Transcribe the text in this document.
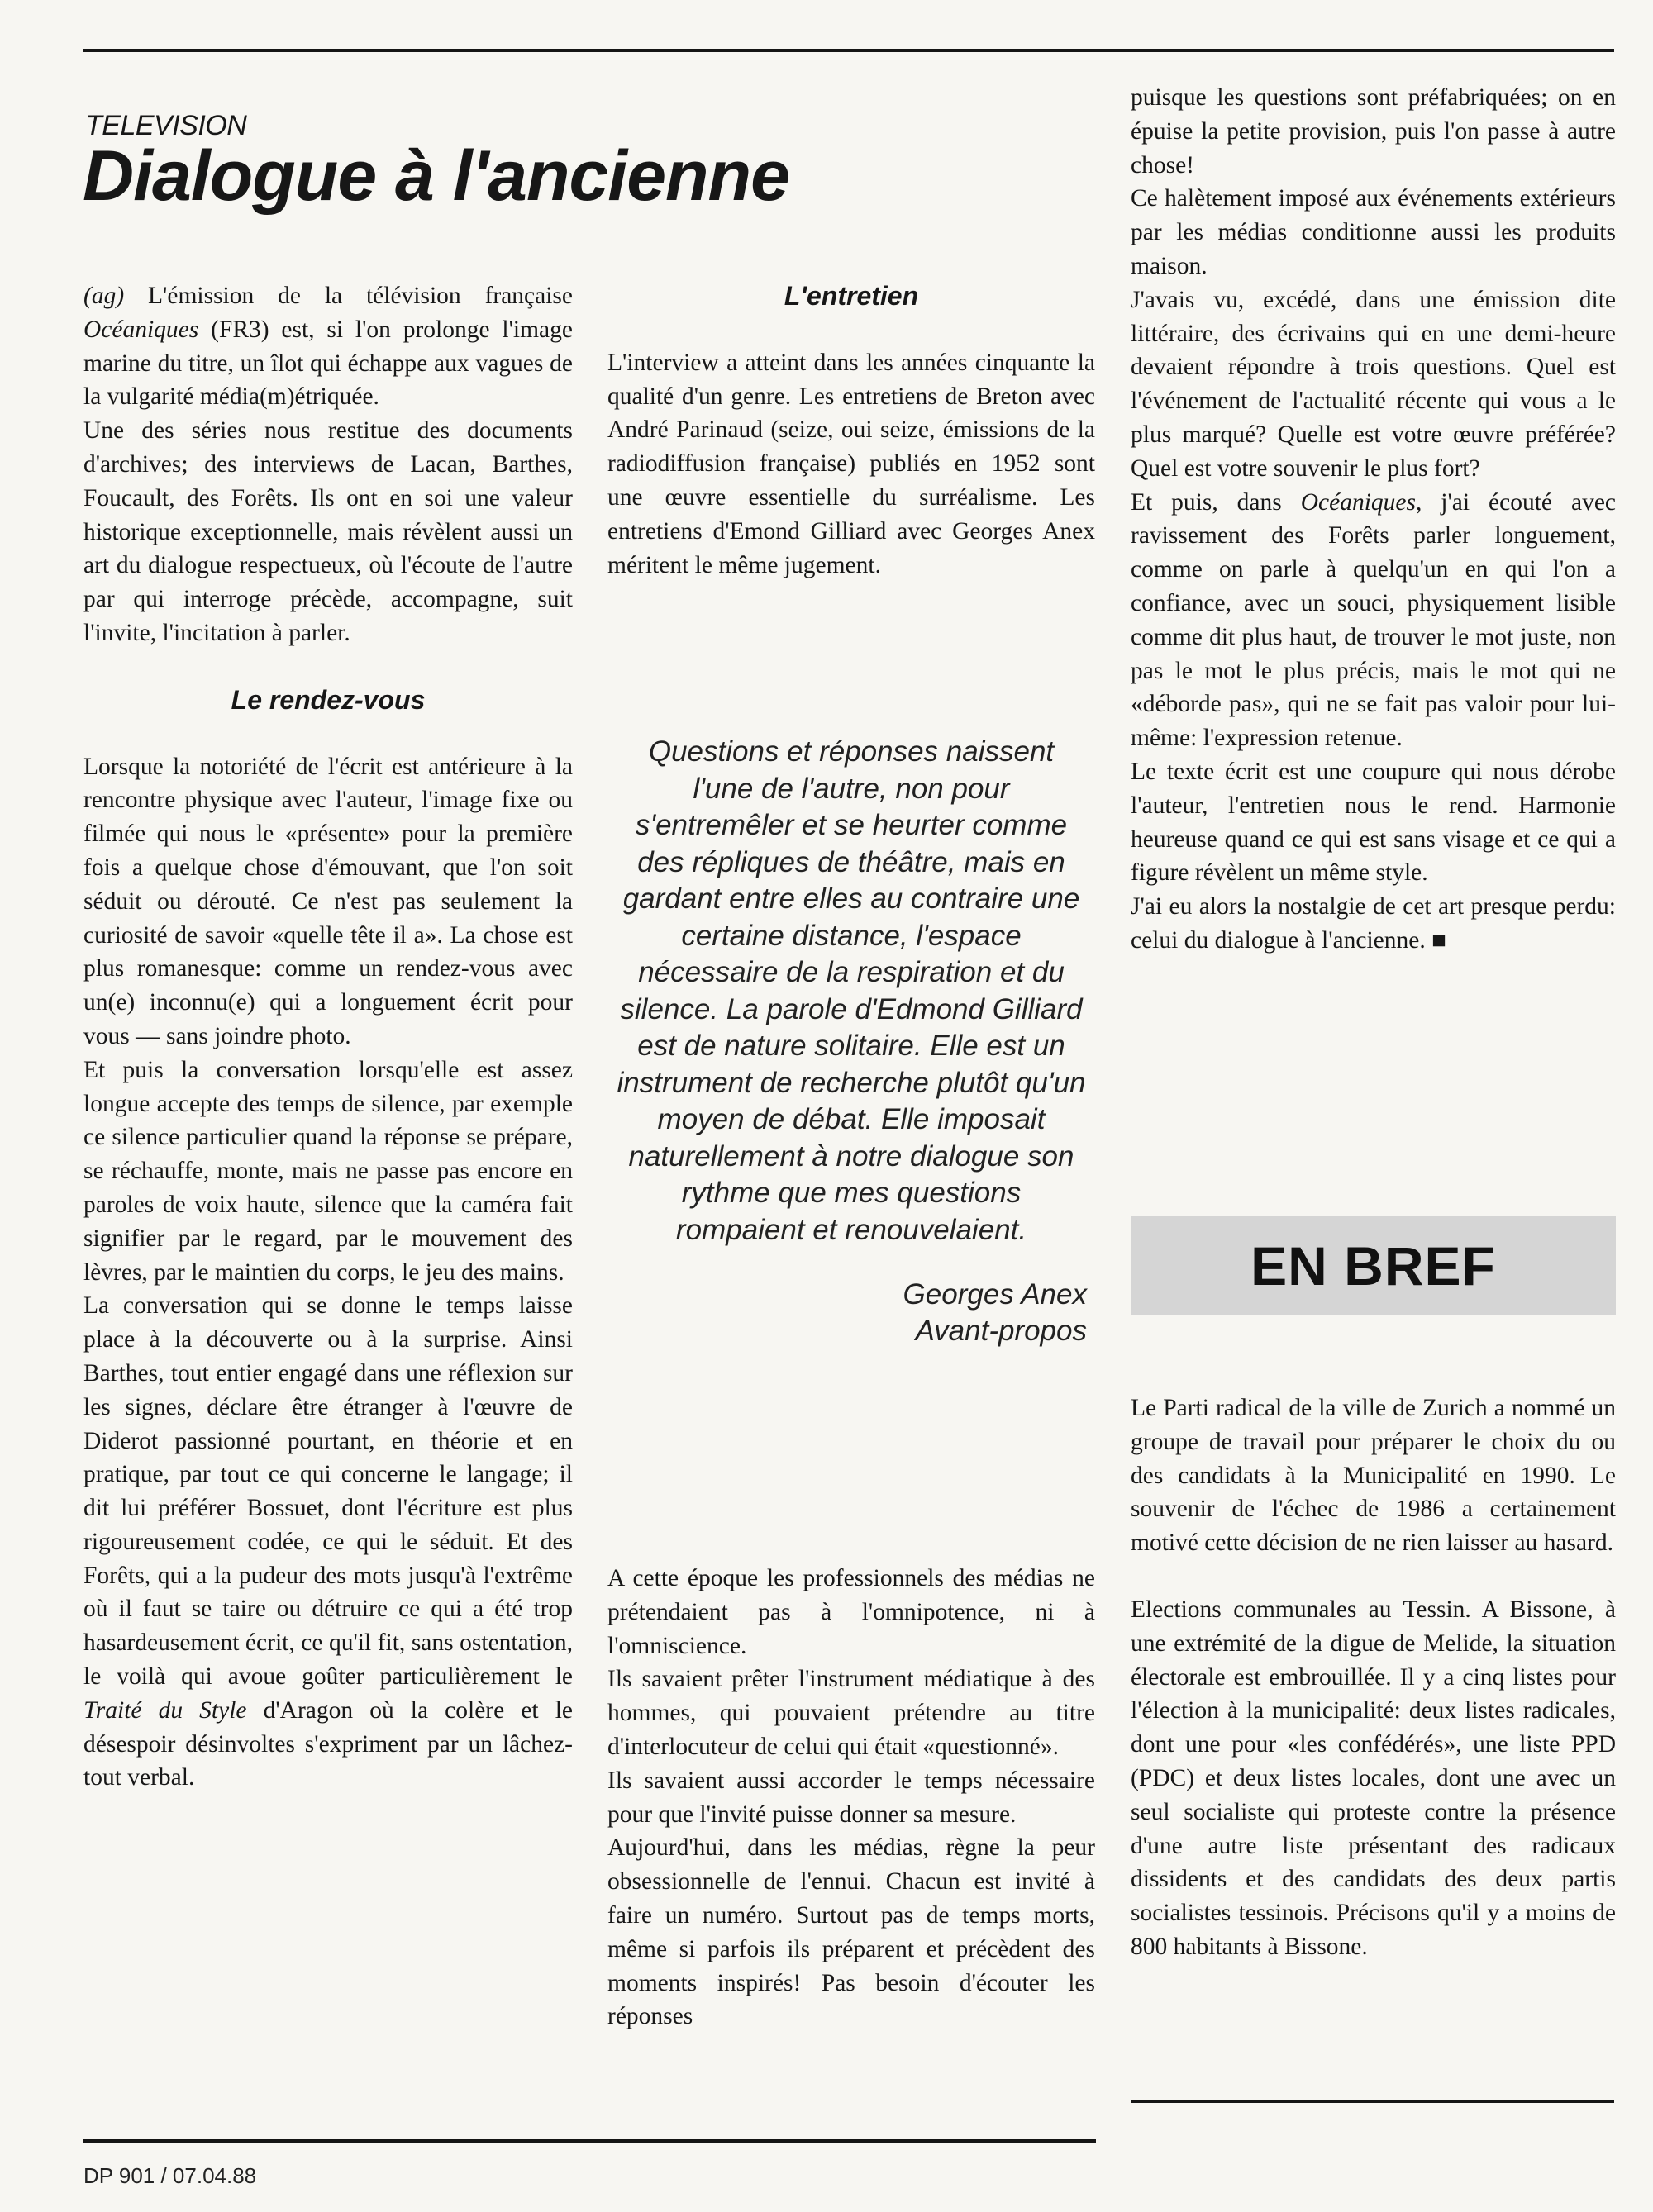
TELEVISION
Dialogue à l'ancienne

(ag) L'émission de la télévision française Océaniques (FR3) est, si l'on prolonge l'image marine du titre, un îlot qui échappe aux vagues de la vulgarité média(m)étriquée.

Une des séries nous restitue des documents d'archives; des interviews de Lacan, Barthes, Foucault, des Forêts. Ils ont en soi une valeur historique exceptionnelle, mais révèlent aussi un art du dialogue respectueux, où l'écoute de l'autre par qui interroge précède, accompagne, suit l'invite, l'incitation à parler.

Le rendez-vous

Lorsque la notoriété de l'écrit est antérieure à la rencontre physique avec l'auteur, l'image fixe ou filmée qui nous le «présente» pour la première fois a quelque chose d'émouvant, que l'on soit séduit ou dérouté. Ce n'est pas seulement la curiosité de savoir «quelle tête il a». La chose est plus romanesque: comme un rendez-vous avec un(e) inconnu(e) qui a longuement écrit pour vous — sans joindre photo.

Et puis la conversation lorsqu'elle est assez longue accepte des temps de silence, par exemple ce silence particulier quand la réponse se prépare, se réchauffe, monte, mais ne passe pas encore en paroles de voix haute, silence que la caméra fait signifier par le regard, par le mouvement des lèvres, par le maintien du corps, le jeu des mains.

La conversation qui se donne le temps laisse place à la découverte ou à la surprise. Ainsi Barthes, tout entier engagé dans une réflexion sur les signes, déclare être étranger à l'œuvre de Diderot passionné pourtant, en théorie et en pratique, par tout ce qui concerne le langage; il dit lui préférer Bossuet, dont l'écriture est plus rigoureusement codée, ce qui le séduit. Et des Forêts, qui a la pudeur des mots jusqu'à l'extrême où il faut se taire ou détruire ce qui a été trop hasardeusement écrit, ce qu'il fit, sans ostentation, le voilà qui avoue goûter particulièrement le Traité du Style d'Aragon où la colère et le désespoir désinvoltes s'expriment par un lâchez-tout verbal.

L'entretien

L'interview a atteint dans les années cinquante la qualité d'un genre. Les entretiens de Breton avec André Parinaud (seize, oui seize, émissions de la radiodiffusion française) publiés en 1952 sont une œuvre essentielle du surréalisme. Les entretiens d'Emond Gilliard avec Georges Anex méritent le même jugement.

Questions et réponses naissent l'une de l'autre, non pour s'entremêler et se heurter comme des répliques de théâtre, mais en gardant entre elles au contraire une certaine distance, l'espace nécessaire de la respiration et du silence. La parole d'Edmond Gilliard est de nature solitaire. Elle est un instrument de recherche plutôt qu'un moyen de débat. Elle imposait naturellement à notre dialogue son rythme que mes questions rompaient et renouvelaient.
Georges Anex
Avant-propos

A cette époque les professionnels des médias ne prétendaient pas à l'omnipotence, ni à l'omniscience.

Ils savaient prêter l'instrument médiatique à des hommes, qui pouvaient prétendre au titre d'interlocuteur de celui qui était «questionné».

Ils savaient aussi accorder le temps nécessaire pour que l'invité puisse donner sa mesure.

Aujourd'hui, dans les médias, règne la peur obsessionnelle de l'ennui. Chacun est invité à faire un numéro. Surtout pas de temps morts, même si parfois ils préparent et précèdent des moments inspirés! Pas besoin d'écouter les réponses

puisque les questions sont préfabriquées; on en épuise la petite provision, puis l'on passe à autre chose!

Ce halètement imposé aux événements extérieurs par les médias conditionne aussi les produits maison.

J'avais vu, excédé, dans une émission dite littéraire, des écrivains qui en une demi-heure devaient répondre à trois questions. Quel est l'événement de l'actualité récente qui vous a le plus marqué? Quelle est votre œuvre préférée? Quel est votre souvenir le plus fort?

Et puis, dans Océaniques, j'ai écouté avec ravissement des Forêts parler longuement, comme on parle à quelqu'un en qui l'on a confiance, avec un souci, physiquement lisible comme dit plus haut, de trouver le mot juste, non pas le mot le plus précis, mais le mot qui ne «déborde pas», qui ne se fait pas valoir pour lui-même: l'expression retenue.

Le texte écrit est une coupure qui nous dérobe l'auteur, l'entretien nous le rend. Harmonie heureuse quand ce qui est sans visage et ce qui a figure révèlent un même style.

J'ai eu alors la nostalgie de cet art presque perdu: celui du dialogue à l'ancienne. ■

EN BREF

Le Parti radical de la ville de Zurich a nommé un groupe de travail pour préparer le choix du ou des candidats à la Municipalité en 1990. Le souvenir de l'échec de 1986 a certainement motivé cette décision de ne rien laisser au hasard.

Elections communales au Tessin. A Bissone, à une extrémité de la digue de Melide, la situation électorale est embrouillée. Il y a cinq listes pour l'élection à la municipalité: deux listes radicales, dont une pour «les confédérés», une liste PPD (PDC) et deux listes locales, dont une avec un seul socialiste qui proteste contre la présence d'une autre liste présentant des radicaux dissidents et des candidats des deux partis socialistes tessinois. Précisons qu'il y a moins de 800 habitants à Bissone.

DP 901 / 07.04.88
